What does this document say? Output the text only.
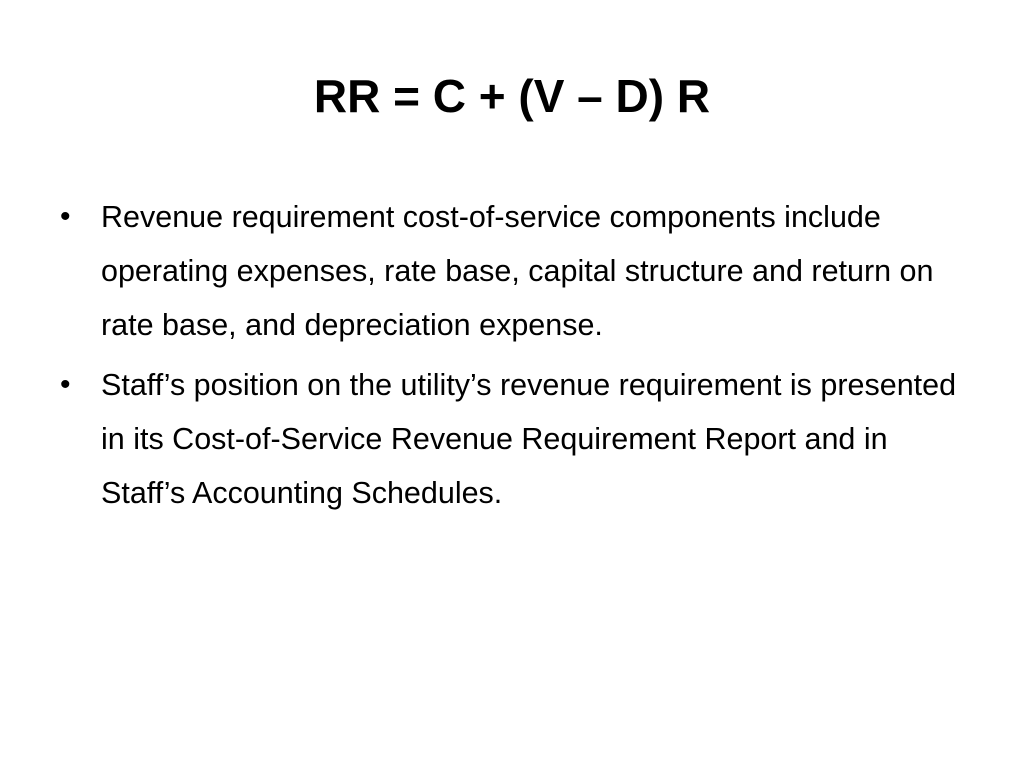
RR = C + (V – D) R
• Revenue requirement cost-of-service components include operating expenses, rate base, capital structure and return on rate base, and depreciation expense.
• Staff’s position on the utility’s revenue requirement is presented in its Cost-of-Service Revenue Requirement Report and in Staff’s Accounting Schedules.
